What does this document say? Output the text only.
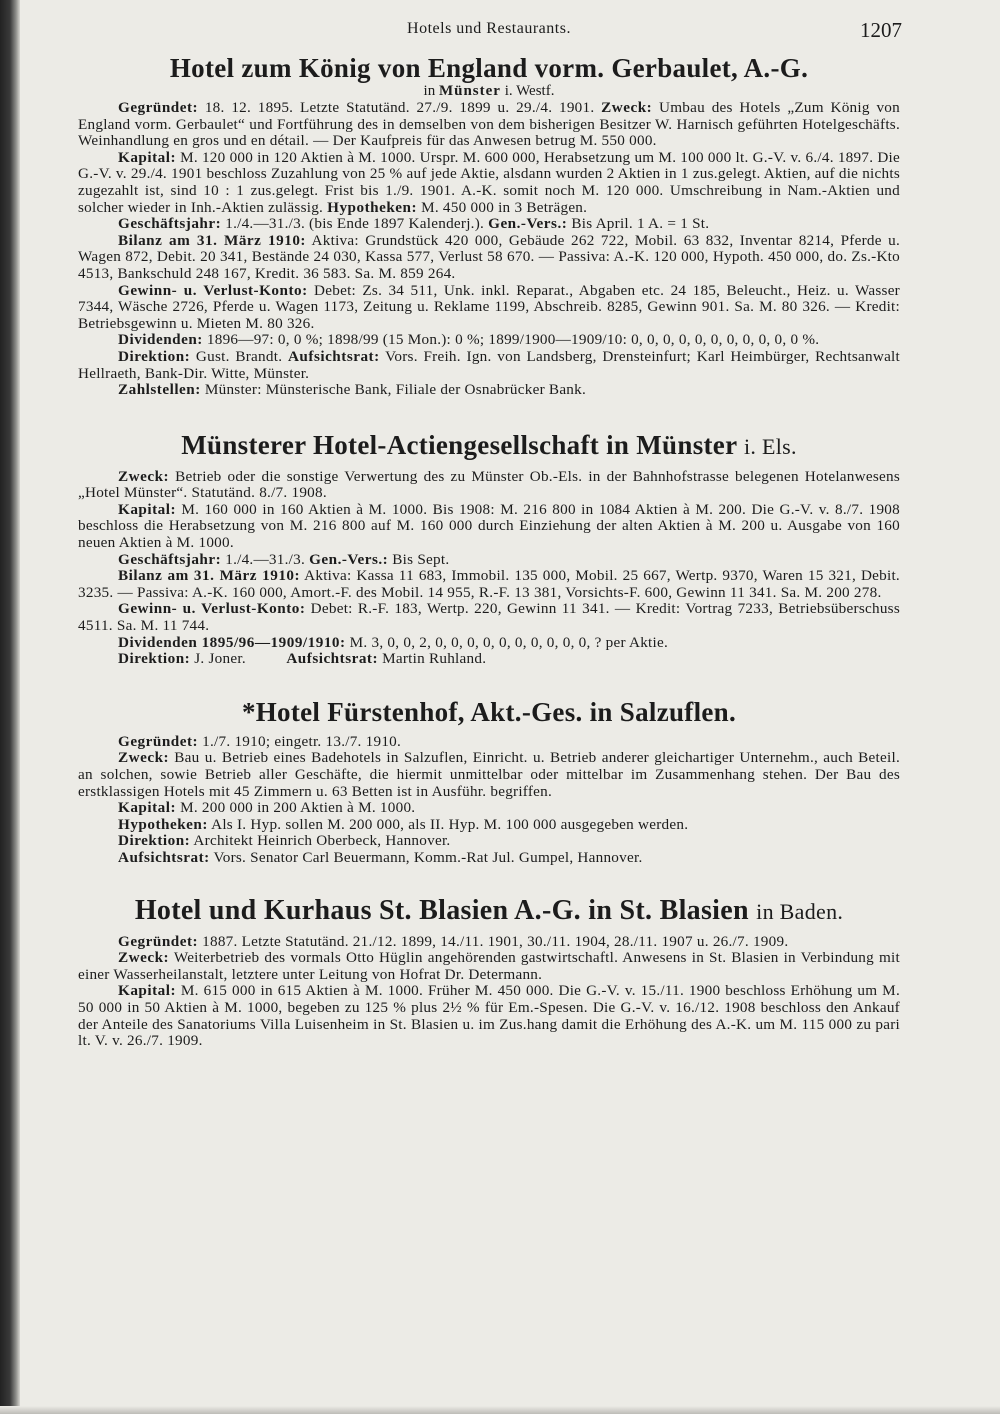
Hotels und Restaurants.	1207
Hotel zum König von England vorm. Gerbaulet, A.-G.
in Münster i. Westf.

Gegründet: 18. 12. 1895. Letzte Statutänd. 27./9. 1899 u. 29./4. 1901. Zweck: Umbau des Hotels „Zum König von England vorm. Gerbaulet“ und Fortführung des in demselben von dem bisherigen Besitzer W. Harnisch geführten Hotelgeschäfts. Weinhandlung en gros und en détail. — Der Kaufpreis für das Anwesen betrug M. 550 000.

Kapital: M. 120 000 in 120 Aktien à M. 1000. Urspr. M. 600 000, Herabsetzung um M. 100 000 lt. G.-V. v. 6./4. 1897. Die G.-V. v. 29./4. 1901 beschloss Zuzahlung von 25 % auf jede Aktie, alsdann wurden 2 Aktien in 1 zus.gelegt. Aktien, auf die nichts zugezahlt ist, sind 10 : 1 zus.gelegt. Frist bis 1./9. 1901. A.-K. somit noch M. 120 000. Umschreibung in Nam.-Aktien und solcher wieder in Inh.-Aktien zulässig. Hypotheken: M. 450 000 in 3 Beträgen.

Geschäftsjahr: 1./4.—31./3. (bis Ende 1897 Kalenderj.). Gen.-Vers.: Bis April. 1 A. = 1 St.

Bilanz am 31. März 1910: Aktiva: Grundstück 420 000, Gebäude 262 722, Mobil. 63 832, Inventar 8214, Pferde u. Wagen 872, Debit. 20 341, Bestände 24 030, Kassa 577, Verlust 58 670. — Passiva: A.-K. 120 000, Hypoth. 450 000, do. Zs.-Kto 4513, Bankschuld 248 167, Kredit. 36 583. Sa. M. 859 264.

Gewinn- u. Verlust-Konto: Debet: Zs. 34 511, Unk. inkl. Reparat., Abgaben etc. 24 185, Beleucht., Heiz. u. Wasser 7344, Wäsche 2726, Pferde u. Wagen 1173, Zeitung u. Reklame 1199, Abschreib. 8285, Gewinn 901. Sa. M. 80 326. — Kredit: Betriebsgewinn u. Mieten M. 80 326.

Dividenden: 1896—97: 0, 0 %; 1898/99 (15 Mon.): 0 %; 1899/1900—1909/10: 0, 0, 0, 0, 0, 0, 0, 0, 0, 0, 0 %.

Direktion: Gust. Brandt. Aufsichtsrat: Vors. Freih. Ign. von Landsberg, Drensteinfurt; Karl Heimbürger, Rechtsanwalt Hellraeth, Bank-Dir. Witte, Münster.

Zahlstellen: Münster: Münsterische Bank, Filiale der Osnabrücker Bank.

Münsterer Hotel-Actiengesellschaft in Münster i. Els.

Zweck: Betrieb oder die sonstige Verwertung des zu Münster Ob.-Els. in der Bahnhofstrasse belegenen Hotelanwesens „Hotel Münster“. Statutänd. 8./7. 1908.

Kapital: M. 160 000 in 160 Aktien à M. 1000. Bis 1908: M. 216 800 in 1084 Aktien à M. 200. Die G.-V. v. 8./7. 1908 beschloss die Herabsetzung von M. 216 800 auf M. 160 000 durch Einziehung der alten Aktien à M. 200 u. Ausgabe von 160 neuen Aktien à M. 1000.

Geschäftsjahr: 1./4.—31./3. Gen.-Vers.: Bis Sept.

Bilanz am 31. März 1910: Aktiva: Kassa 11 683, Immobil. 135 000, Mobil. 25 667, Wertp. 9370, Waren 15 321, Debit. 3235. — Passiva: A.-K. 160 000, Amort.-F. des Mobil. 14 955, R.-F. 13 381, Vorsichts-F. 600, Gewinn 11 341. Sa. M. 200 278.

Gewinn- u. Verlust-Konto: Debet: R.-F. 183, Wertp. 220, Gewinn 11 341. — Kredit: Vortrag 7233, Betriebsüberschuss 4511. Sa. M. 11 744.

Dividenden 1895/96—1909/1910: M. 3, 0, 0, 2, 0, 0, 0, 0, 0, 0, 0, 0, 0, 0, ? per Aktie.

Direktion: J. Joner.          Aufsichtsrat: Martin Ruhland.

*Hotel Fürstenhof, Akt.-Ges. in Salzuflen.

Gegründet: 1./7. 1910; eingetr. 13./7. 1910.

Zweck: Bau u. Betrieb eines Badehotels in Salzuflen, Einricht. u. Betrieb anderer gleichartiger Unternehm., auch Beteil. an solchen, sowie Betrieb aller Geschäfte, die hiermit unmittelbar oder mittelbar im Zusammenhang stehen. Der Bau des erstklassigen Hotels mit 45 Zimmern u. 63 Betten ist in Ausführ. begriffen.

Kapital: M. 200 000 in 200 Aktien à M. 1000.

Hypotheken: Als I. Hyp. sollen M. 200 000, als II. Hyp. M. 100 000 ausgegeben werden.

Direktion: Architekt Heinrich Oberbeck, Hannover.

Aufsichtsrat: Vors. Senator Carl Beuermann, Komm.-Rat Jul. Gumpel, Hannover.

Hotel und Kurhaus St. Blasien A.-G. in St. Blasien in Baden.

Gegründet: 1887. Letzte Statutänd. 21./12. 1899, 14./11. 1901, 30./11. 1904, 28./11. 1907 u. 26./7. 1909.

Zweck: Weiterbetrieb des vormals Otto Hüglin angehörenden gastwirtschaftl. Anwesens in St. Blasien in Verbindung mit einer Wasserheilanstalt, letztere unter Leitung von Hofrat Dr. Determann.

Kapital: M. 615 000 in 615 Aktien à M. 1000. Früher M. 450 000. Die G.-V. v. 15./11. 1900 beschloss Erhöhung um M. 50 000 in 50 Aktien à M. 1000, begeben zu 125 % plus 2½ % für Em.-Spesen. Die G.-V. v. 16./12. 1908 beschloss den Ankauf der Anteile des Sanatoriums Villa Luisenheim in St. Blasien u. im Zus.hang damit die Erhöhung des A.-K. um M. 115 000 zu pari lt. V. v. 26./7. 1909.
